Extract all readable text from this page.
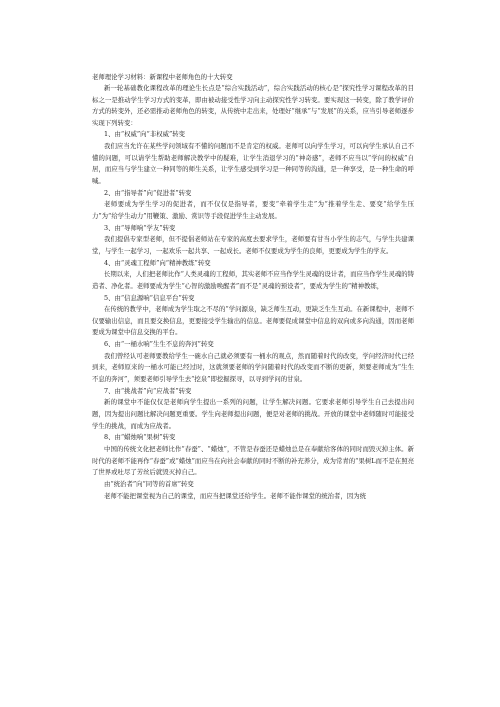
老师理论学习材料：新课程中老师角色的十大转变

新一轮基础教化课程改革的理论生长点是“综合实践活动”，综合实践活动的核心是“探究性学习课程改革的目标之一是推动学生学习方式的变革，即由被动接受性学习向主动探究性学习转变。要实现这一转变，除了教学评价方式的转变外，还必需推动老师角色的转变，从传统中走出来，处理好“继承”与“发展”的关系，应当引导老师逐步实现下列转变：

1、由“权威”向“非权威”转变

我们应当允许在某些学问领域有不懂的问题而不是肯定的权威。老师可以向学生学习，可以向学生承认自己不懂的问题，可以请学生帮助老师解决教学中的疑难，让学生消退学习的“神奇感”，老师不应当以“学问的权威”自居，而应当与学生建立一种同等的师生关系，让学生感受到学习是一种同等的沟通，是一种享受，是一种生命的呼喊。

2、由“指导者”向“促进者”转变

老师要成为学生学习的促进者，而不仅仅是指导者，要变“牵着学生走”为“推着学生走、要变“给学生压力”为“给学生动力”用鞭策、激励、赏识等手段促进学生主动发展。

3、由“导师响“学友”转变

我们提倡专家型老师，但不提倡老师站在专家的高度去要求学生，老师要有甘当小学生的志气，与学生共建课堂，与学生一起学习，一起欢乐一起共享、一起成长。老师不仅要成为学生的良师，更要成为学生的学友。

4、由“灵魂工程师”向“精神教练”转变

长期以来，人们把老师比作“人类灵魂的工程师，其实老师不应当作学生灵魂的设计者，而应当作学生灵魂的铸造者、净化者。老师要成为学生“心智的激励唤醒者”而不是“灵魂的预设者”，要成为学生的“精神教练，

5、由“信息源响“信息平台”转变

在传统的教学中，老师成为学生取之不尽的“学问源泉，缺乏师生互动，更缺乏生生互动。在新课程中，老师不仅要输出信息，而且要交换信息，更要接受学生输出的信息。老师要促成课堂中信息的双向或多向沟通，因而老师要成为课堂中信息交换的平台。

6、由“一桶水响”生生不息的奔河”转变

我们曾经认可老师要教给学生一碗水自己就必须要有一桶水的观点，然而随着时代的改变，学问经济时代已经到来，老师原来的一桶水可能已经过时，这就须要老师的学问随着时代的改变而不断的更新，须要老师成为“生生不息的奔河”，须要老师引导学生去“挖泉”即挖掘探寻，以寻到学问的甘泉。

7、由“挑战者”向“应战者”转变

新的课堂中不能仅仅是老师向学生提出一系列的问题，让学生解决问题。它要求老师引导学生自己去提出问题，因为提出问题比解决问题更重要。学生向老师提出问题，便是对老师的挑战。开放的课堂中老师随时可能接受学生的挑战，而成为应战者。

8、由“蜡烛响“果树”转变

中国的传统文化把老师比作“春蚕”、“蜡烛”，不管是春蚕还是蜡烛总是在奉献给客体的同时而毁灭掉主体。新时代的老师不能再作“春蚕”或“蜡烛”而应当在向社会奉献的同时不断的补充养分，成为常青的“果树L而不是在照亮了世界或吐尽了芳丝后就毁灭掉自己。

由“统治者”向“同等的首席”转变

老师不能把课堂视为自己的课堂，而应当把课堂还给学生。老师不能作课堂的统治者，因为统
